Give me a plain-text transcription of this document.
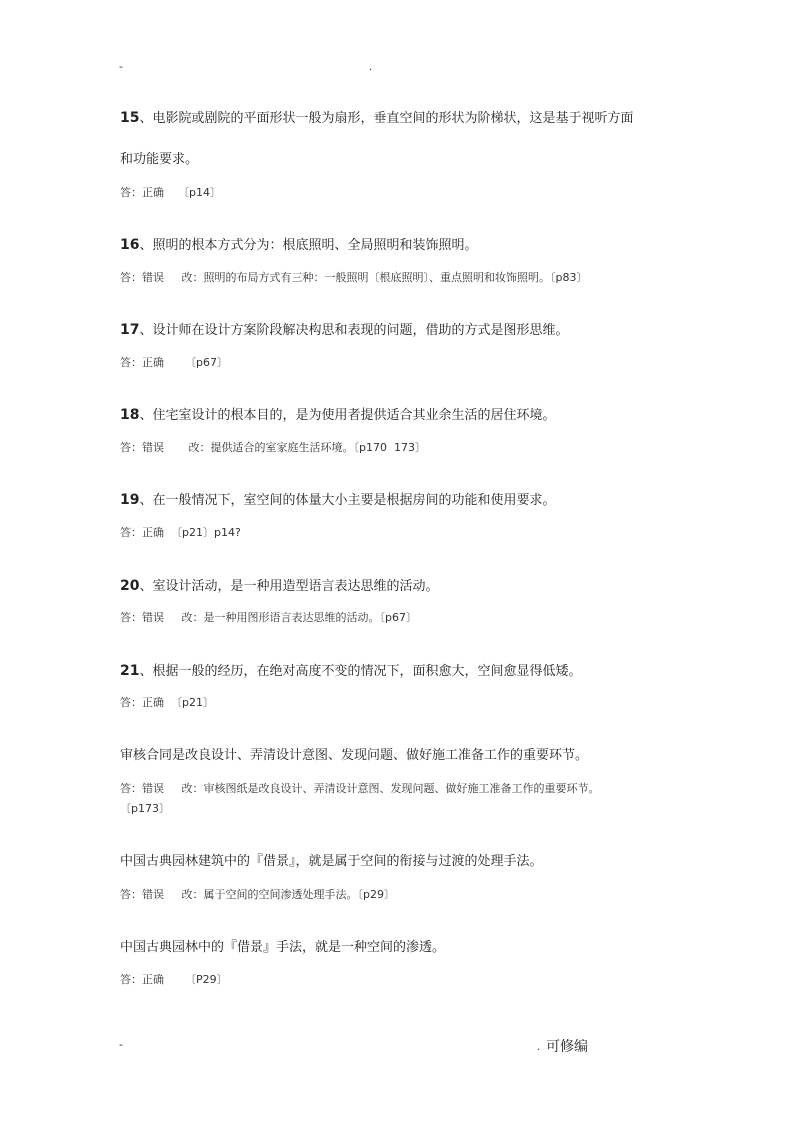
-	.
15、电影院或剧院的平面形状一般为扇形，垂直空间的形状为阶梯状，这是基于视听方面
和功能要求。
答：正确    〔p14〕
16、照明的根本方式分为：根底照明、全局照明和装饰照明。
答：错误     改：照明的布局方式有三种：一般照明〔根底照明〕、重点照明和妆饰照明。〔p83〕
17、设计师在设计方案阶段解决构思和表现的问题，借助的方式是图形思维。
答：正确      〔p67〕
18、住宅室设计的根本目的，是为使用者提供适合其业余生活的居住环境。
答：错误       改：提供适合的室家庭生活环境。〔p170  173〕
19、在一般情况下，室空间的体量大小主要是根据房间的功能和使用要求。
答：正确  〔p21〕p14?
20、室设计活动，是一种用造型语言表达思维的活动。
答：错误     改：是一种用图形语言表达思维的活动。〔p67〕
21、根据一般的经历，在绝对高度不变的情况下，面积愈大，空间愈显得低矮。
答：正确  〔p21〕
审核合同是改良设计、弄清设计意图、发现问题、做好施工准备工作的重要环节。
答：错误     改：审核图纸是改良设计、弄清设计意图、发现问题、做好施工准备工作的重要环节。
〔p173〕
中国古典园林建筑中的『借景』，就是属于空间的衔接与过渡的处理手法。
答：错误     改：属于空间的空间渗透处理手法。〔p29〕
中国古典园林中的『借景』手法，就是一种空间的渗透。
答：正确      〔P29〕
-	. 可修编
